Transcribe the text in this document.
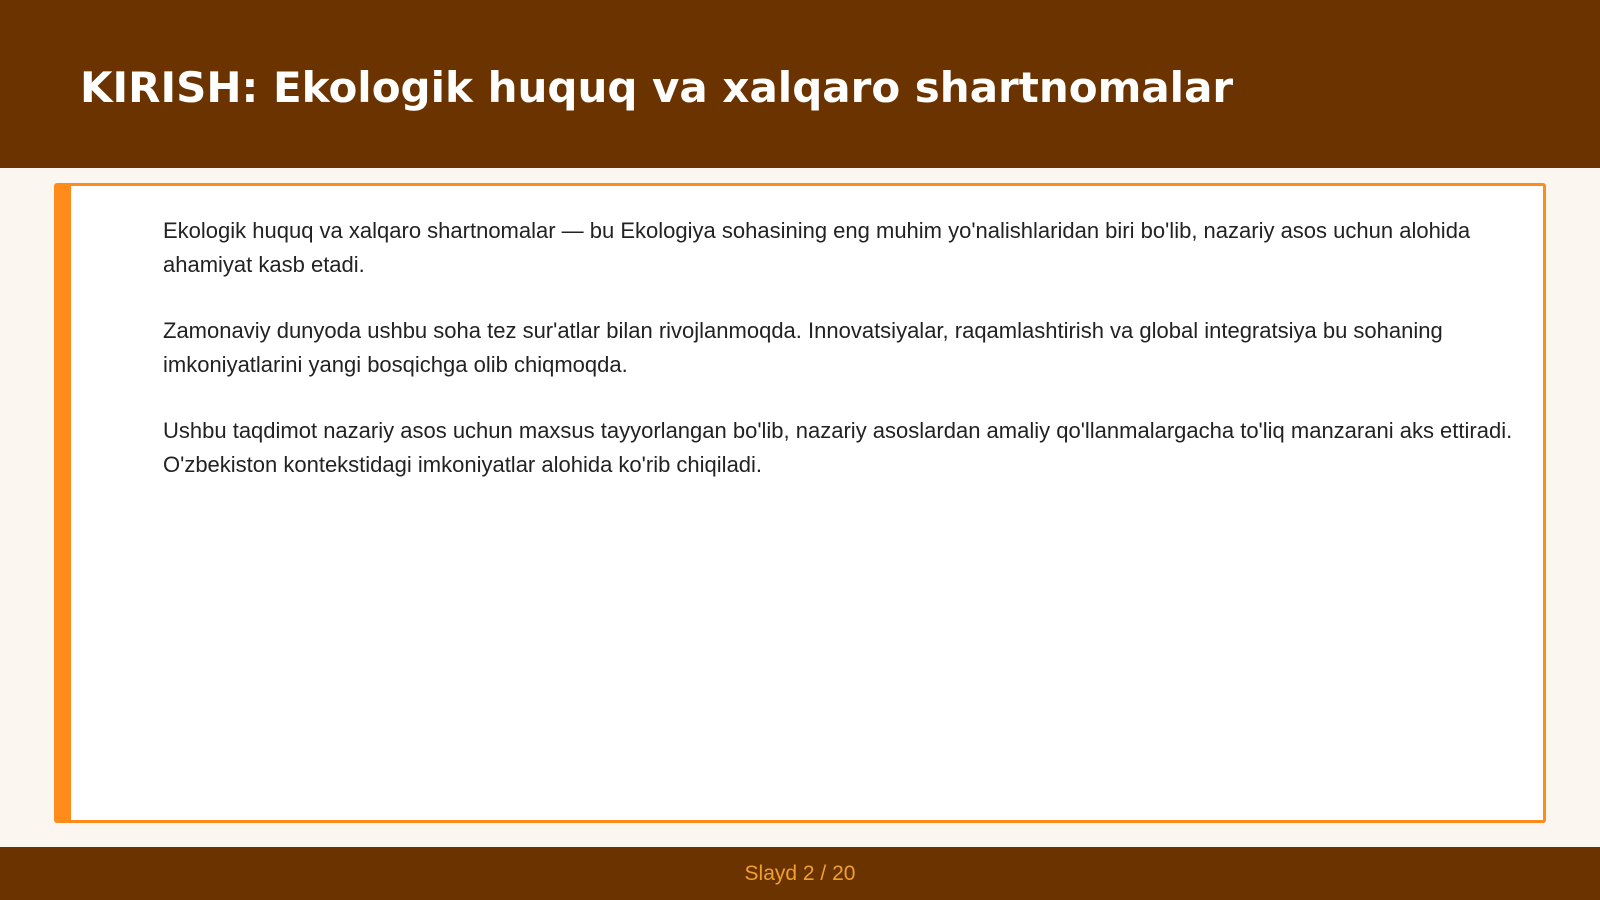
KIRISH: Ekologik huquq va xalqaro shartnomalar

Ekologik huquq va xalqaro shartnomalar — bu Ekologiya sohasining eng muhim yo'nalishlaridan biri bo'lib, nazariy asos uchun alohida ahamiyat kasb etadi.

Zamonaviy dunyoda ushbu soha tez sur'atlar bilan rivojlanmoqda. Innovatsiyalar, raqamlashtirish va global integratsiya bu sohaning imkoniyatlarini yangi bosqichga olib chiqmoqda.

Ushbu taqdimot nazariy asos uchun maxsus tayyorlangan bo'lib, nazariy asoslardan amaliy qo'llanmalargacha to'liq manzarani aks ettiradi. O'zbekiston kontekstidagi imkoniyatlar alohida ko'rib chiqiladi.

Slayd 2 / 20
